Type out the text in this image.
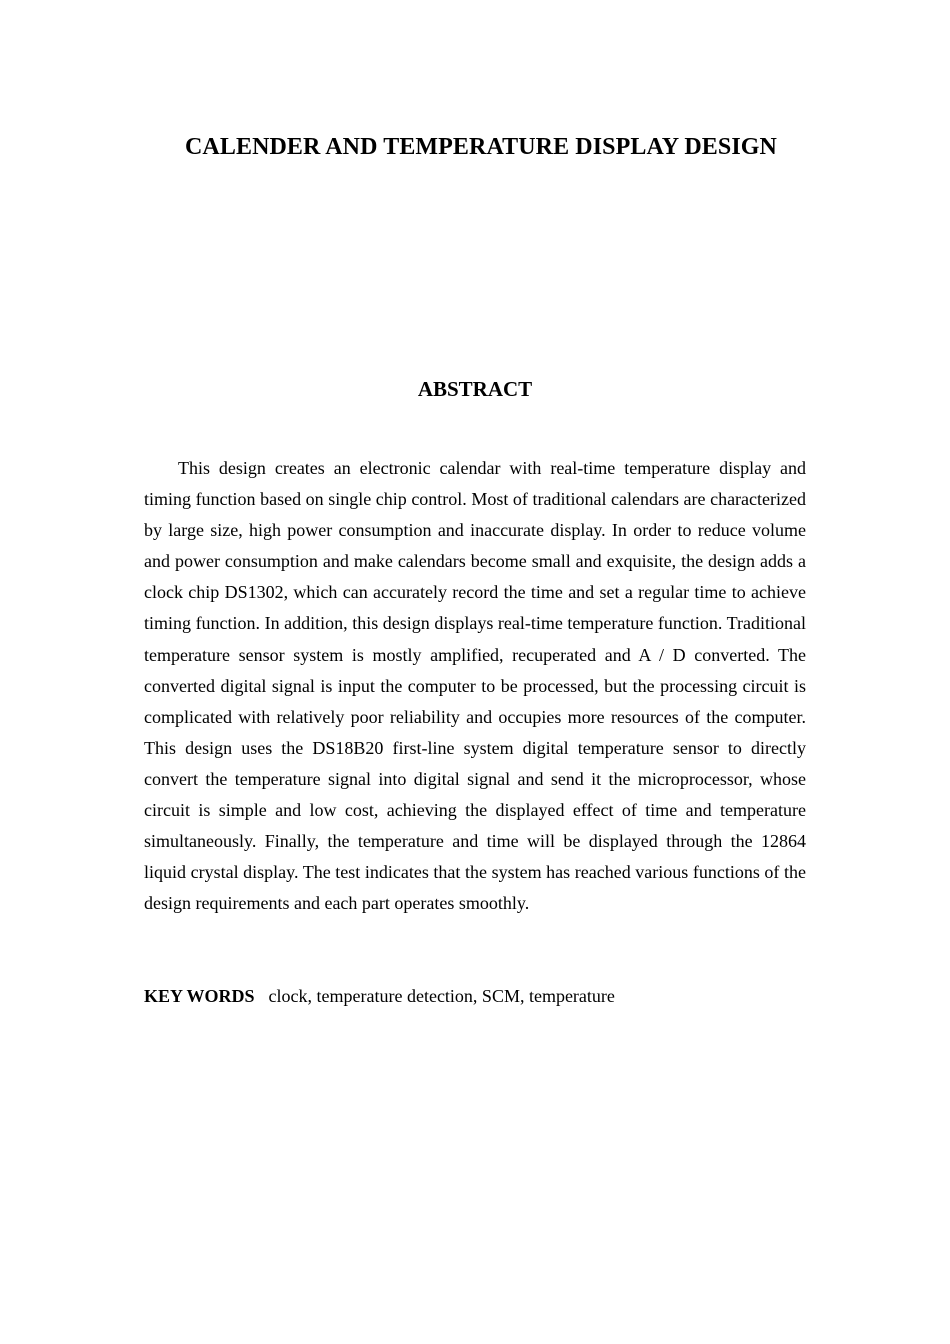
CALENDER AND TEMPERATURE DISPLAY DESIGN
ABSTRACT

This design creates an electronic calendar with real-time temperature display and timing function based on single chip control. Most of traditional calendars are characterized by large size, high power consumption and inaccurate display. In order to reduce volume and power consumption and make calendars become small and exquisite, the design adds a clock chip DS1302, which can accurately record the time and set a regular time to achieve timing function. In addition, this design displays real-time temperature function. Traditional temperature sensor system is mostly amplified, recuperated and A / D converted. The converted digital signal is input the computer to be processed, but the processing circuit is complicated with relatively poor reliability and occupies more resources of the computer. This design uses the DS18B20 first-line system digital temperature sensor to directly convert the temperature signal into digital signal and send it the microprocessor, whose circuit is simple and low cost, achieving the displayed effect of time and temperature simultaneously. Finally, the temperature and time will be displayed through the 12864 liquid crystal display. The test indicates that the system has reached various functions of the design requirements and each part operates smoothly.

KEY WORDS clock, temperature detection, SCM, temperature
